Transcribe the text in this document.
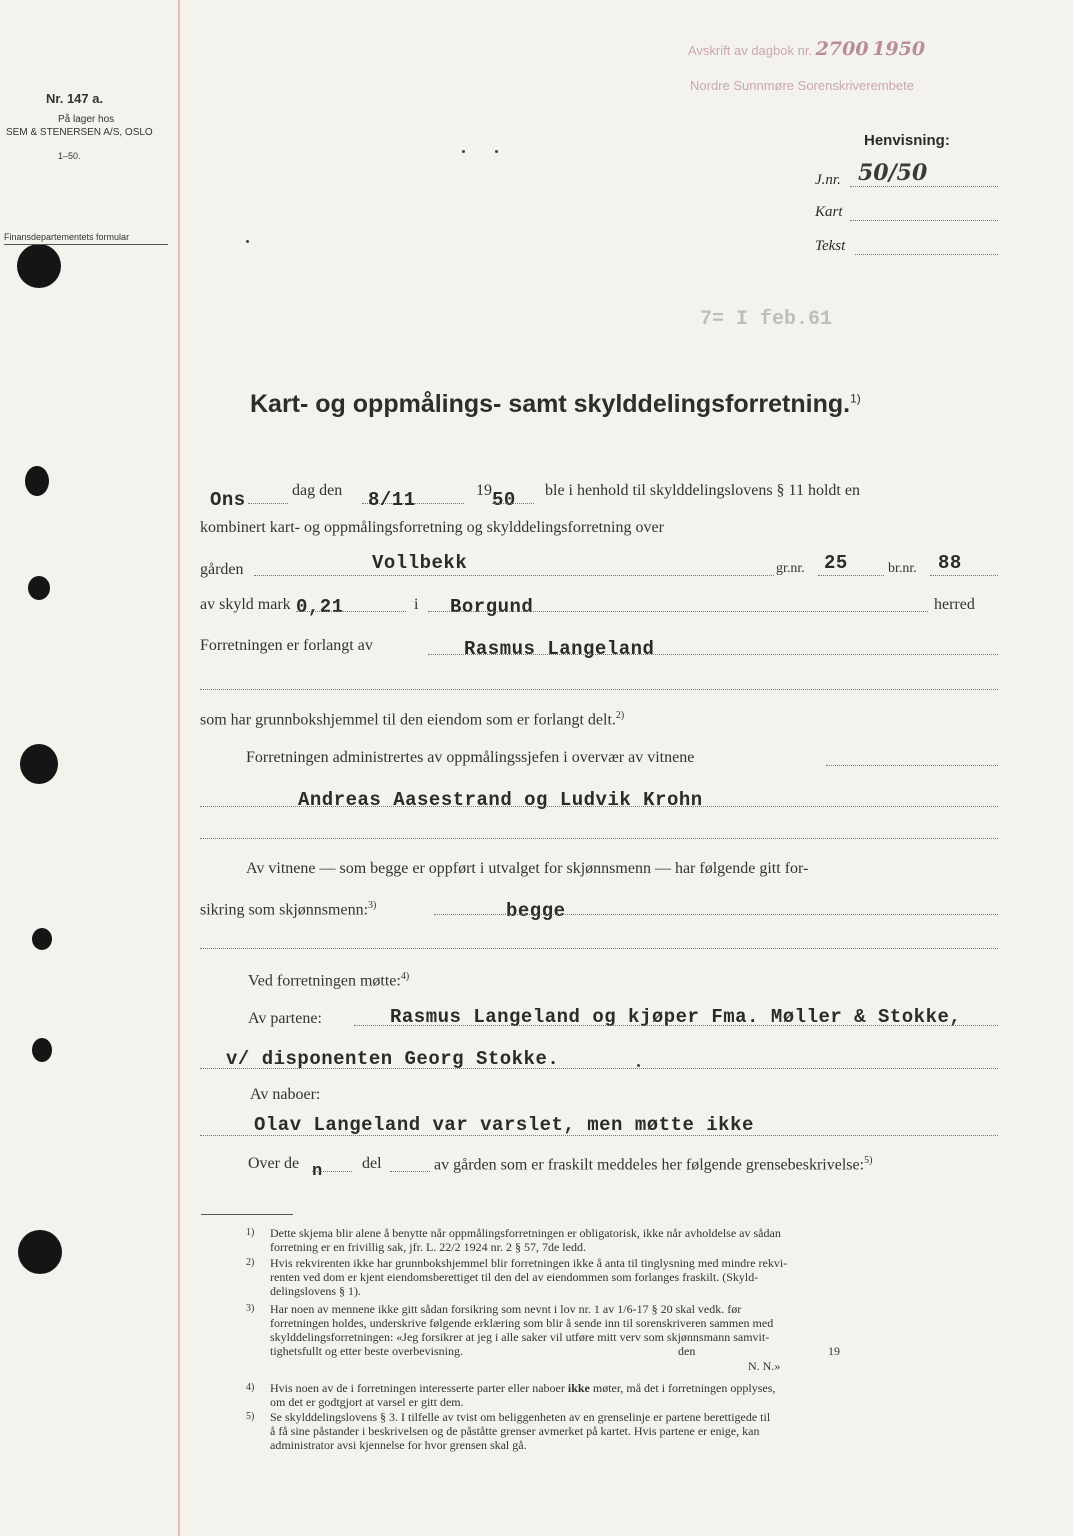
Nr. 147 a.
På lager hos
SEM & STENERSEN A/S, OSLO
1–50.
Finansdepartementets formular
Avskrift av dagbok nr. 2700 1950
Nordre Sunnmøre Sorenskriverembete
Henvisning:
J.nr. 50/50
Kart
Tekst
7= I feb.61
Kart- og oppmålings- samt skylddelingsforretning.$^{1)}$
Ons	dag den 8/11	19 50 ble i henhold til skylddelingslovens § 11 holdt en
kombinert kart- og oppmålingsforretning og skylddelingsforretning over
gården	Vollbekk	gr.nr. 25	br.nr. 88
av skyld mark 0,21	i Borgund	herred
Forretningen er forlangt av	Rasmus Langeland
som har grunnbokshjemmel til den eiendom som er forlangt delt.$^{2)}$
Forretningen administrertes av oppmålingssjefen i overvær av vitnene
Andreas Aasestrand og Ludvik Krohn
Av vitnene — som begge er oppført i utvalget for skjønnsmenn — har følgende gitt for-
sikring som skjønnsmenn:$^{3)}$	begge
Ved forretningen møtte:$^{4)}$
Av partene:	Rasmus Langeland og kjøper Fma. Møller & Stokke,
v/ disponenten Georg Stokke.
Av naboer:
Olav Langeland var varslet, men møtte ikke
Over de n del	av gården som er fraskilt meddeles her følgende grensebeskrivelse:$^{5)}$
1) Dette skjema blir alene å benytte når oppmålingsforretningen er obligatorisk, ikke når avholdelse av sådan
forretning er en frivillig sak, jfr. L. 22/2 1924 nr. 2 § 57, 7de ledd.
2) Hvis rekvirenten ikke har grunnbokshjemmel blir forretningen ikke å anta til tinglysning med mindre rekvi-
renten ved dom er kjent eiendomsberettiget til den del av eiendommen som forlanges fraskilt. (Skyld-
delingslovens § 1).
3) Har noen av mennene ikke gitt sådan forsikring som nevnt i lov nr. 1 av 1/6-17 § 20 skal vedk. før
forretningen holdes, underskrive følgende erklæring som blir å sende inn til sorenskriveren sammen med
skylddelingsforretningen: «Jeg forsikrer at jeg i alle saker vil utføre mitt verv som skjønnsmann samvit-
tighetsfullt og etter beste overbevisning.	den	19
N. N.»
4) Hvis noen av de i forretningen interesserte parter eller naboer ikke møter, må det i forretningen opplyses,
om det er godtgjort at varsel er gitt dem.
5) Se skylddelingslovens § 3. I tilfelle av tvist om beliggenheten av en grenselinje er partene berettigede til
å få sine påstander i beskrivelsen og de påståtte grenser avmerket på kartet. Hvis partene er enige, kan
administrator avsi kjennelse for hvor grensen skal gå.
